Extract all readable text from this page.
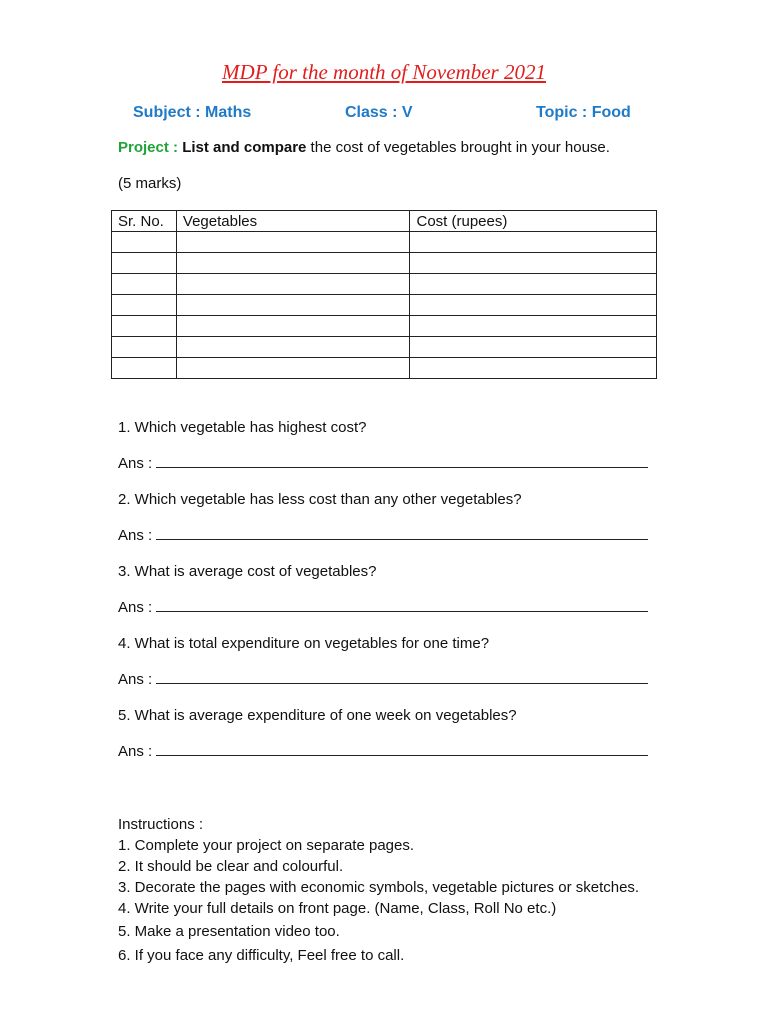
MDP for the month of November 2021
Subject : Maths	Class : V	Topic : Food
Project : List and compare the cost of vegetables brought in your house.
(5 marks)
Sr. No.	Vegetables	Cost (rupees)

1. Which vegetable has highest cost?
Ans :
2. Which vegetable has less cost than any other vegetables?
Ans :
3. What is average cost of vegetables?
Ans :
4. What is total expenditure on vegetables for one time?
Ans :
5. What is average expenditure of one week on vegetables?
Ans :
Instructions :
1. Complete your project on separate pages.
2. It should be clear and colourful.
3. Decorate the pages with economic symbols, vegetable pictures or sketches.
4. Write your full details on front page. (Name, Class, Roll No etc.)
5. Make a presentation video too.
6. If you face any difficulty, Feel free to call.
